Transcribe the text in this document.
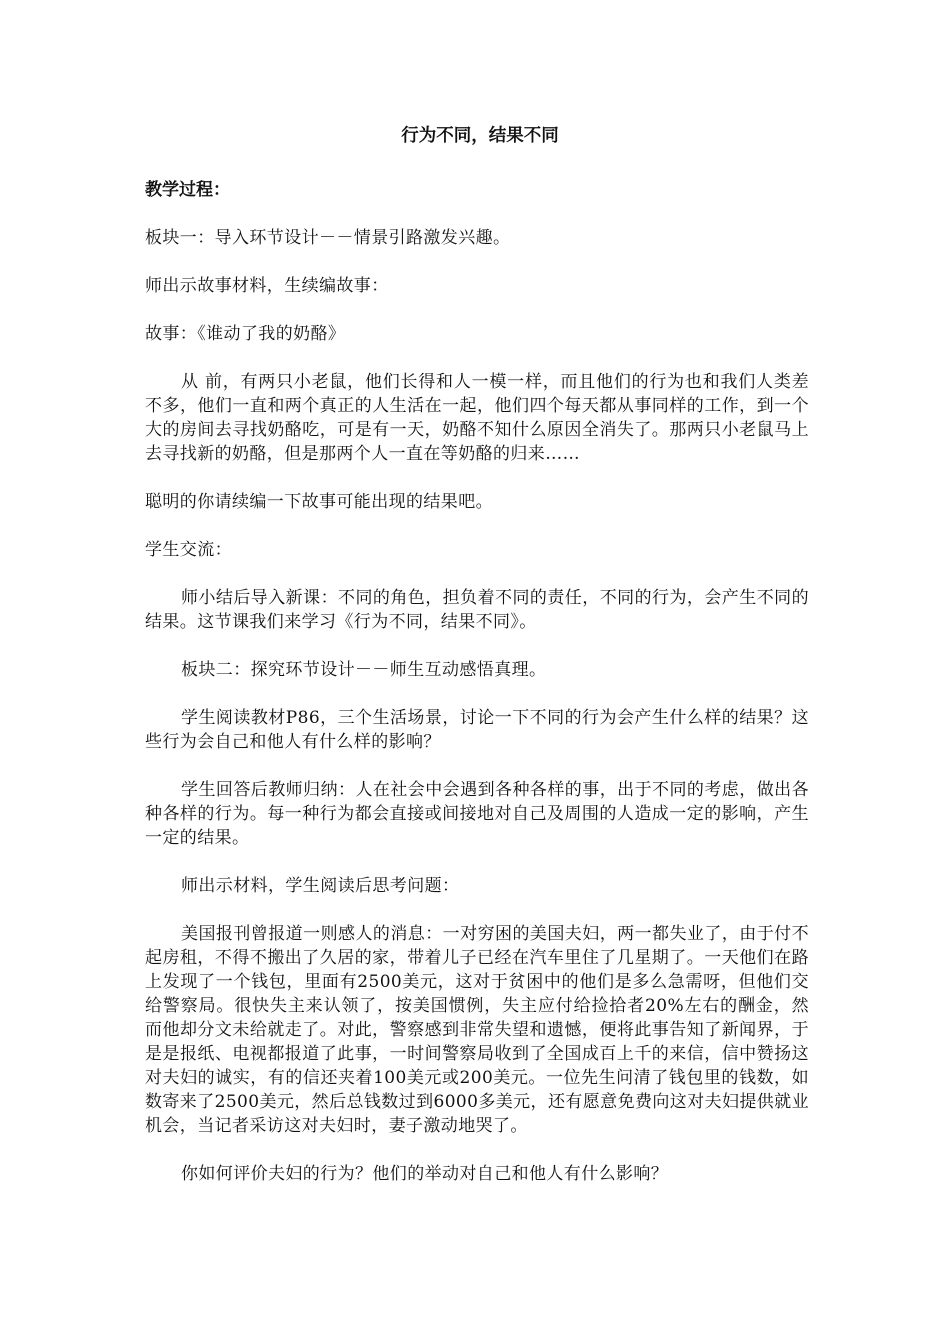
行为不同，结果不同
教学过程：

板块一：导入环节设计－－情景引路激发兴趣。

师出示故事材料，生续编故事：

故事：《谁动了我的奶酪》

从 前，有两只小老鼠，他们长得和人一模一样，而且他们的行为也和我们人类差不多，他们一直和两个真正的人生活在一起，他们四个每天都从事同样的工作，到一个 大的房间去寻找奶酪吃，可是有一天，奶酪不知什么原因全消失了。那两只小老鼠马上去寻找新的奶酪，但是那两个人一直在等奶酪的归来……

聪明的你请续编一下故事可能出现的结果吧。

学生交流：

师小结后导入新课：不同的角色，担负着不同的责任，不同的行为，会产生不同的结果。这节课我们来学习《行为不同，结果不同》。

板块二：探究环节设计－－师生互动感悟真理。

学生阅读教材P86，三个生活场景，讨论一下不同的行为会产生什么样的结果？这些行为会自己和他人有什么样的影响？

学生回答后教师归纳：人在社会中会遇到各种各样的事，出于不同的考虑，做出各种各样的行为。每一种行为都会直接或间接地对自己及周围的人造成一定的影响，产生一定的结果。

师出示材料，学生阅读后思考问题：

美国报刊曾报道一则感人的消息：一对穷困的美国夫妇，两一都失业了，由于付不起房租，不得不搬出了久居的家，带着儿子已经在汽车里住了几星期了。一天他们在路上发现了一个钱包，里面有2500美元，这对于贫困中的他们是多么急需呀，但他们交给警察局。很快失主来认领了，按美国惯例，失主应付给捡拾者20%左右的酬金，然而他却分文未给就走了。对此，警察感到非常失望和遗憾，便将此事告知了新闻界，于是是报纸、电视都报道了此事，一时间警察局收到了全国成百上千的来信，信中赞扬这对夫妇的诚实，有的信还夹着100美元或200美元。一位先生问清了钱包里的钱数，如数寄来了2500美元，然后总钱数过到6000多美元，还有愿意免费向这对夫妇提供就业机会，当记者采访这对夫妇时，妻子激动地哭了。

你如何评价夫妇的行为？他们的举动对自己和他人有什么影响？
